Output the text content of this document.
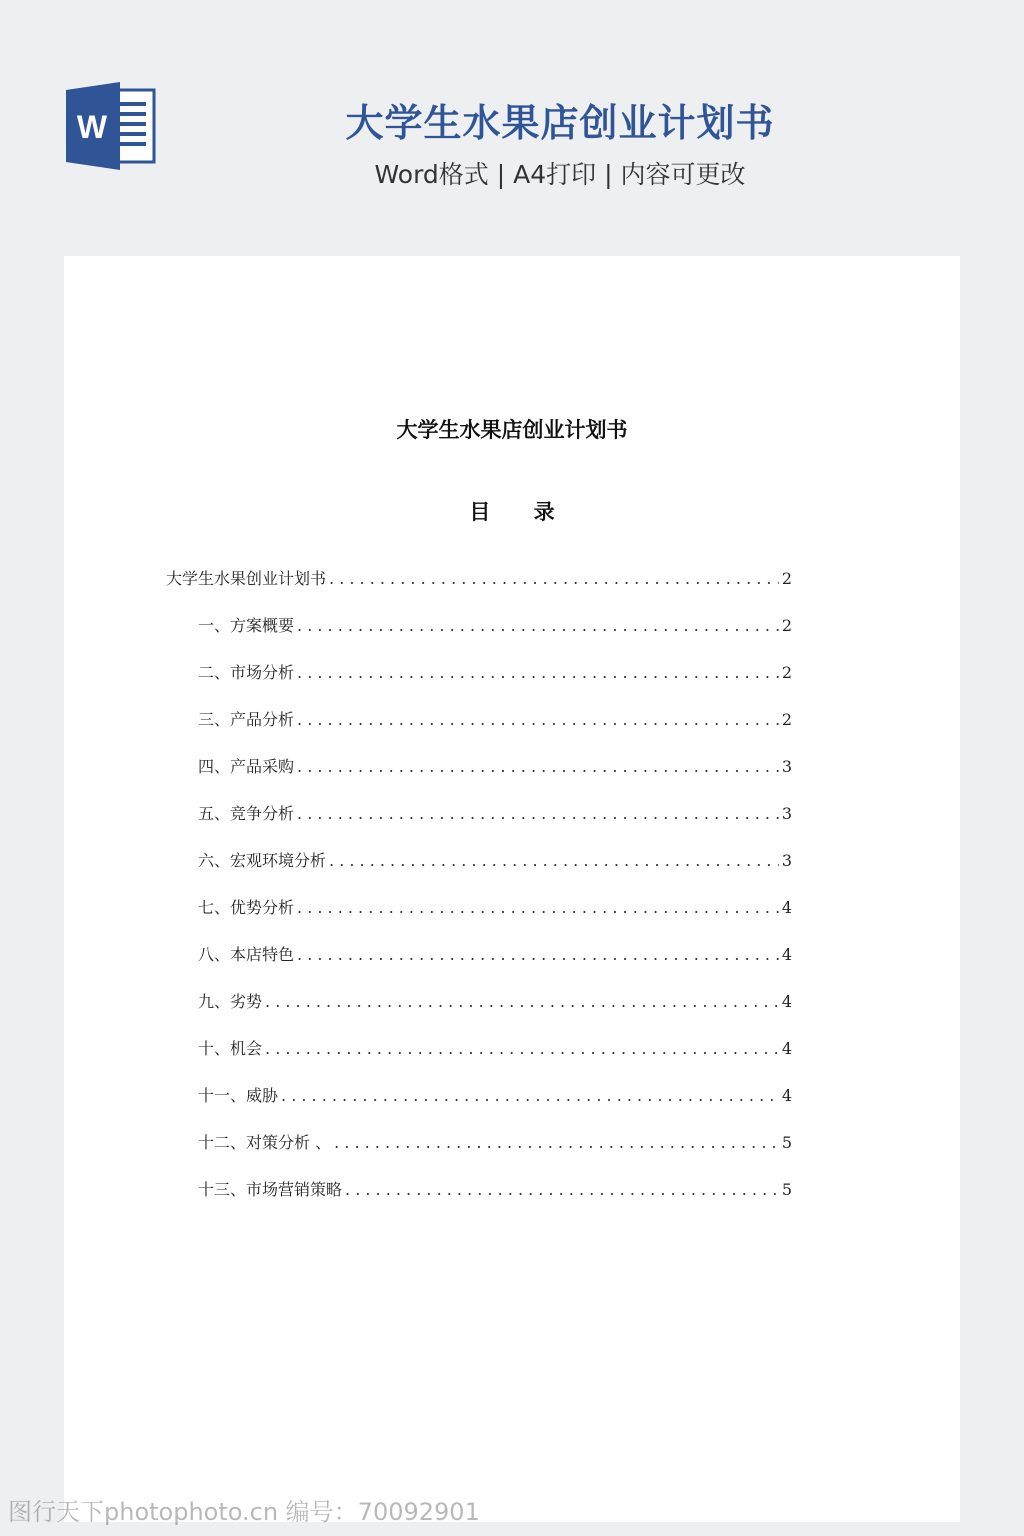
W	大学生水果店创业计划书
Word格式 | A4打印 | 内容可更改
大学生水果店创业计划书
目 录
大学生水果创业计划书 . . .	2
一、方案概要 . . .	2
二、市场分析 . . .	2
三、产品分析 . . .	2
四、产品采购 . . .	3
五、竞争分析 . . .	3
六、宏观环境分析 . . .	3
七、优势分析 . . .	4
八、本店特色 . . .	4
九、劣势 . . .	4
十、机会 . . .	4
十一、威胁 . . .	4
十二、对策分析 、 . . .	5
十三、市场营销策略 . . .	5
图行天下photophoto.cn 编号：70092901
